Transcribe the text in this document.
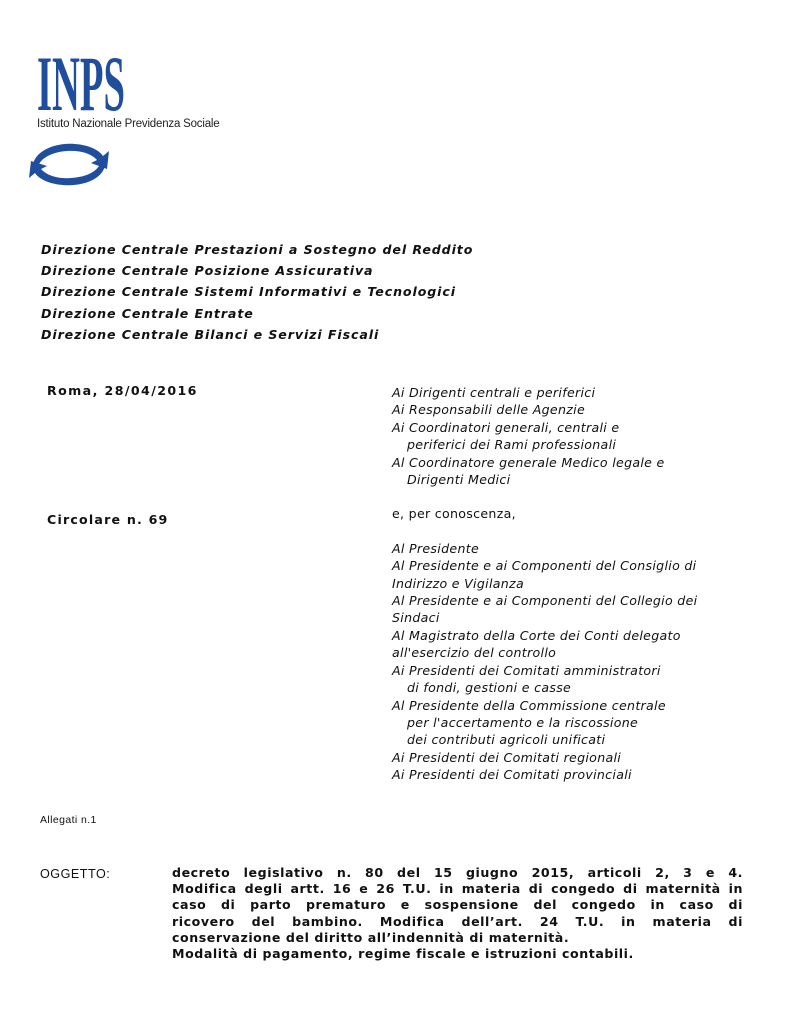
INPS
Istituto Nazionale Previdenza Sociale
Direzione Centrale Prestazioni a Sostegno del Reddito
Direzione Centrale Posizione Assicurativa
Direzione Centrale Sistemi Informativi e Tecnologici
Direzione Centrale Entrate
Direzione Centrale Bilanci e Servizi Fiscali
Roma, 28/04/2016
Circolare n. 69
Ai Dirigenti centrali e periferici
Ai Responsabili delle Agenzie
Ai Coordinatori generali, centrali e
periferici dei Rami professionali
Al Coordinatore generale Medico legale e
Dirigenti Medici
e, per conoscenza,
Al Presidente
Al Presidente e ai Componenti del Consiglio di
Indirizzo e Vigilanza
Al Presidente e ai Componenti del Collegio dei
Sindaci
Al Magistrato della Corte dei Conti delegato
all'esercizio del controllo
Ai Presidenti dei Comitati amministratori
di fondi, gestioni e casse
Al Presidente della Commissione centrale
per l'accertamento e la riscossione
dei contributi agricoli unificati
Ai Presidenti dei Comitati regionali
Ai Presidenti dei Comitati provinciali
Allegati n.1
OGGETTO:	decreto legislativo n. 80 del 15 giugno 2015, articoli 2, 3 e 4.
Modifica degli artt. 16 e 26 T.U. in materia di congedo di maternità in
caso di parto prematuro e sospensione del congedo in caso di
ricovero del bambino. Modifica dell’art. 24 T.U. in materia di
conservazione del diritto all’indennità di maternità.
Modalità di pagamento, regime fiscale e istruzioni contabili.
